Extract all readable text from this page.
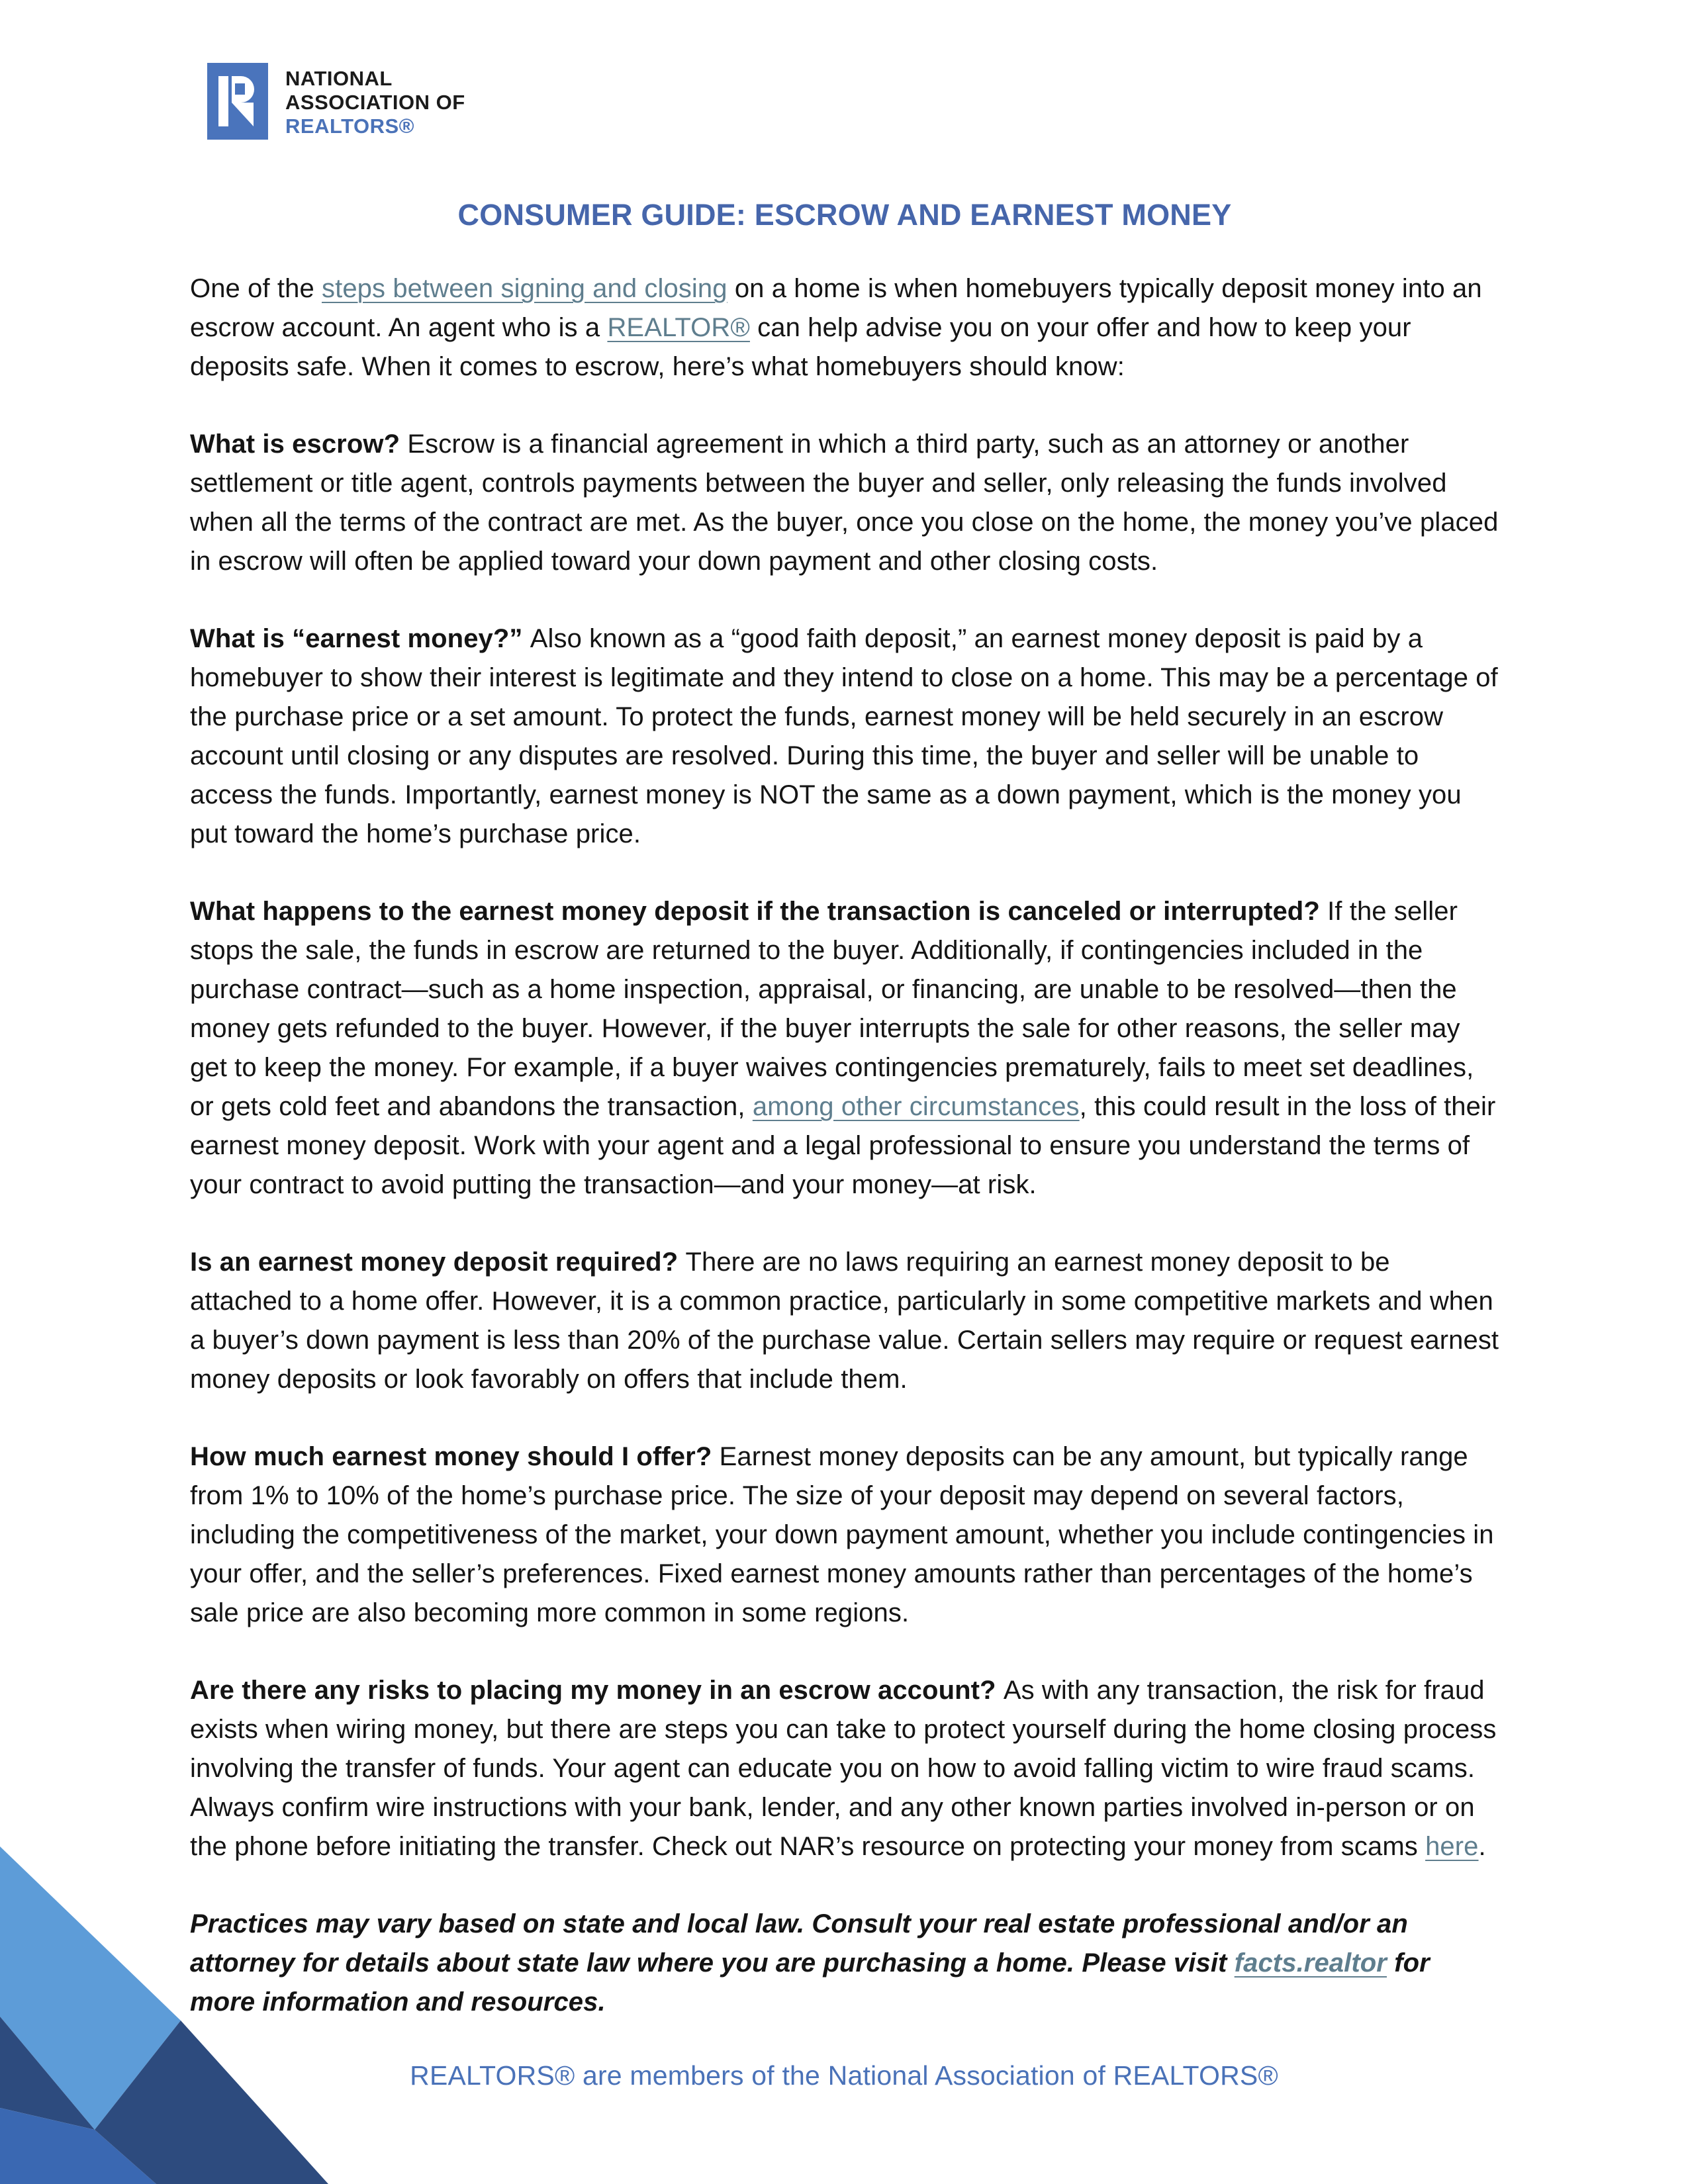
NATIONAL
ASSOCIATION OF
REALTORS®
CONSUMER GUIDE: ESCROW AND EARNEST MONEY

One of the steps between signing and closing on a home is when homebuyers typically deposit money into an escrow account. An agent who is a REALTOR® can help advise you on your offer and how to keep your deposits safe. When it comes to escrow, here’s what homebuyers should know:

What is escrow? Escrow is a financial agreement in which a third party, such as an attorney or another settlement or title agent, controls payments between the buyer and seller, only releasing the funds involved when all the terms of the contract are met. As the buyer, once you close on the home, the money you’ve placed in escrow will often be applied toward your down payment and other closing costs.

What is “earnest money?” Also known as a “good faith deposit,” an earnest money deposit is paid by a homebuyer to show their interest is legitimate and they intend to close on a home. This may be a percentage of the purchase price or a set amount. To protect the funds, earnest money will be held securely in an escrow account until closing or any disputes are resolved. During this time, the buyer and seller will be unable to access the funds. Importantly, earnest money is NOT the same as a down payment, which is the money you put toward the home’s purchase price.

What happens to the earnest money deposit if the transaction is canceled or interrupted? If the seller stops the sale, the funds in escrow are returned to the buyer. Additionally, if contingencies included in the purchase contract—such as a home inspection, appraisal, or financing, are unable to be resolved—then the money gets refunded to the buyer. However, if the buyer interrupts the sale for other reasons, the seller may get to keep the money. For example, if a buyer waives contingencies prematurely, fails to meet set deadlines, or gets cold feet and abandons the transaction, among other circumstances, this could result in the loss of their earnest money deposit. Work with your agent and a legal professional to ensure you understand the terms of your contract to avoid putting the transaction—and your money—at risk.

Is an earnest money deposit required? There are no laws requiring an earnest money deposit to be attached to a home offer. However, it is a common practice, particularly in some competitive markets and when a buyer’s down payment is less than 20% of the purchase value. Certain sellers may require or request earnest money deposits or look favorably on offers that include them.

How much earnest money should I offer? Earnest money deposits can be any amount, but typically range from 1% to 10% of the home’s purchase price. The size of your deposit may depend on several factors, including the competitiveness of the market, your down payment amount, whether you include contingencies in your offer, and the seller’s preferences. Fixed earnest money amounts rather than percentages of the home’s sale price are also becoming more common in some regions.

Are there any risks to placing my money in an escrow account? As with any transaction, the risk for fraud exists when wiring money, but there are steps you can take to protect yourself during the home closing process involving the transfer of funds. Your agent can educate you on how to avoid falling victim to wire fraud scams. Always confirm wire instructions with your bank, lender, and any other known parties involved in-person or on the phone before initiating the transfer. Check out NAR’s resource on protecting your money from scams here.

Practices may vary based on state and local law. Consult your real estate professional and/or an attorney for details about state law where you are purchasing a home. Please visit facts.realtor for more information and resources.

REALTORS® are members of the National Association of REALTORS®
